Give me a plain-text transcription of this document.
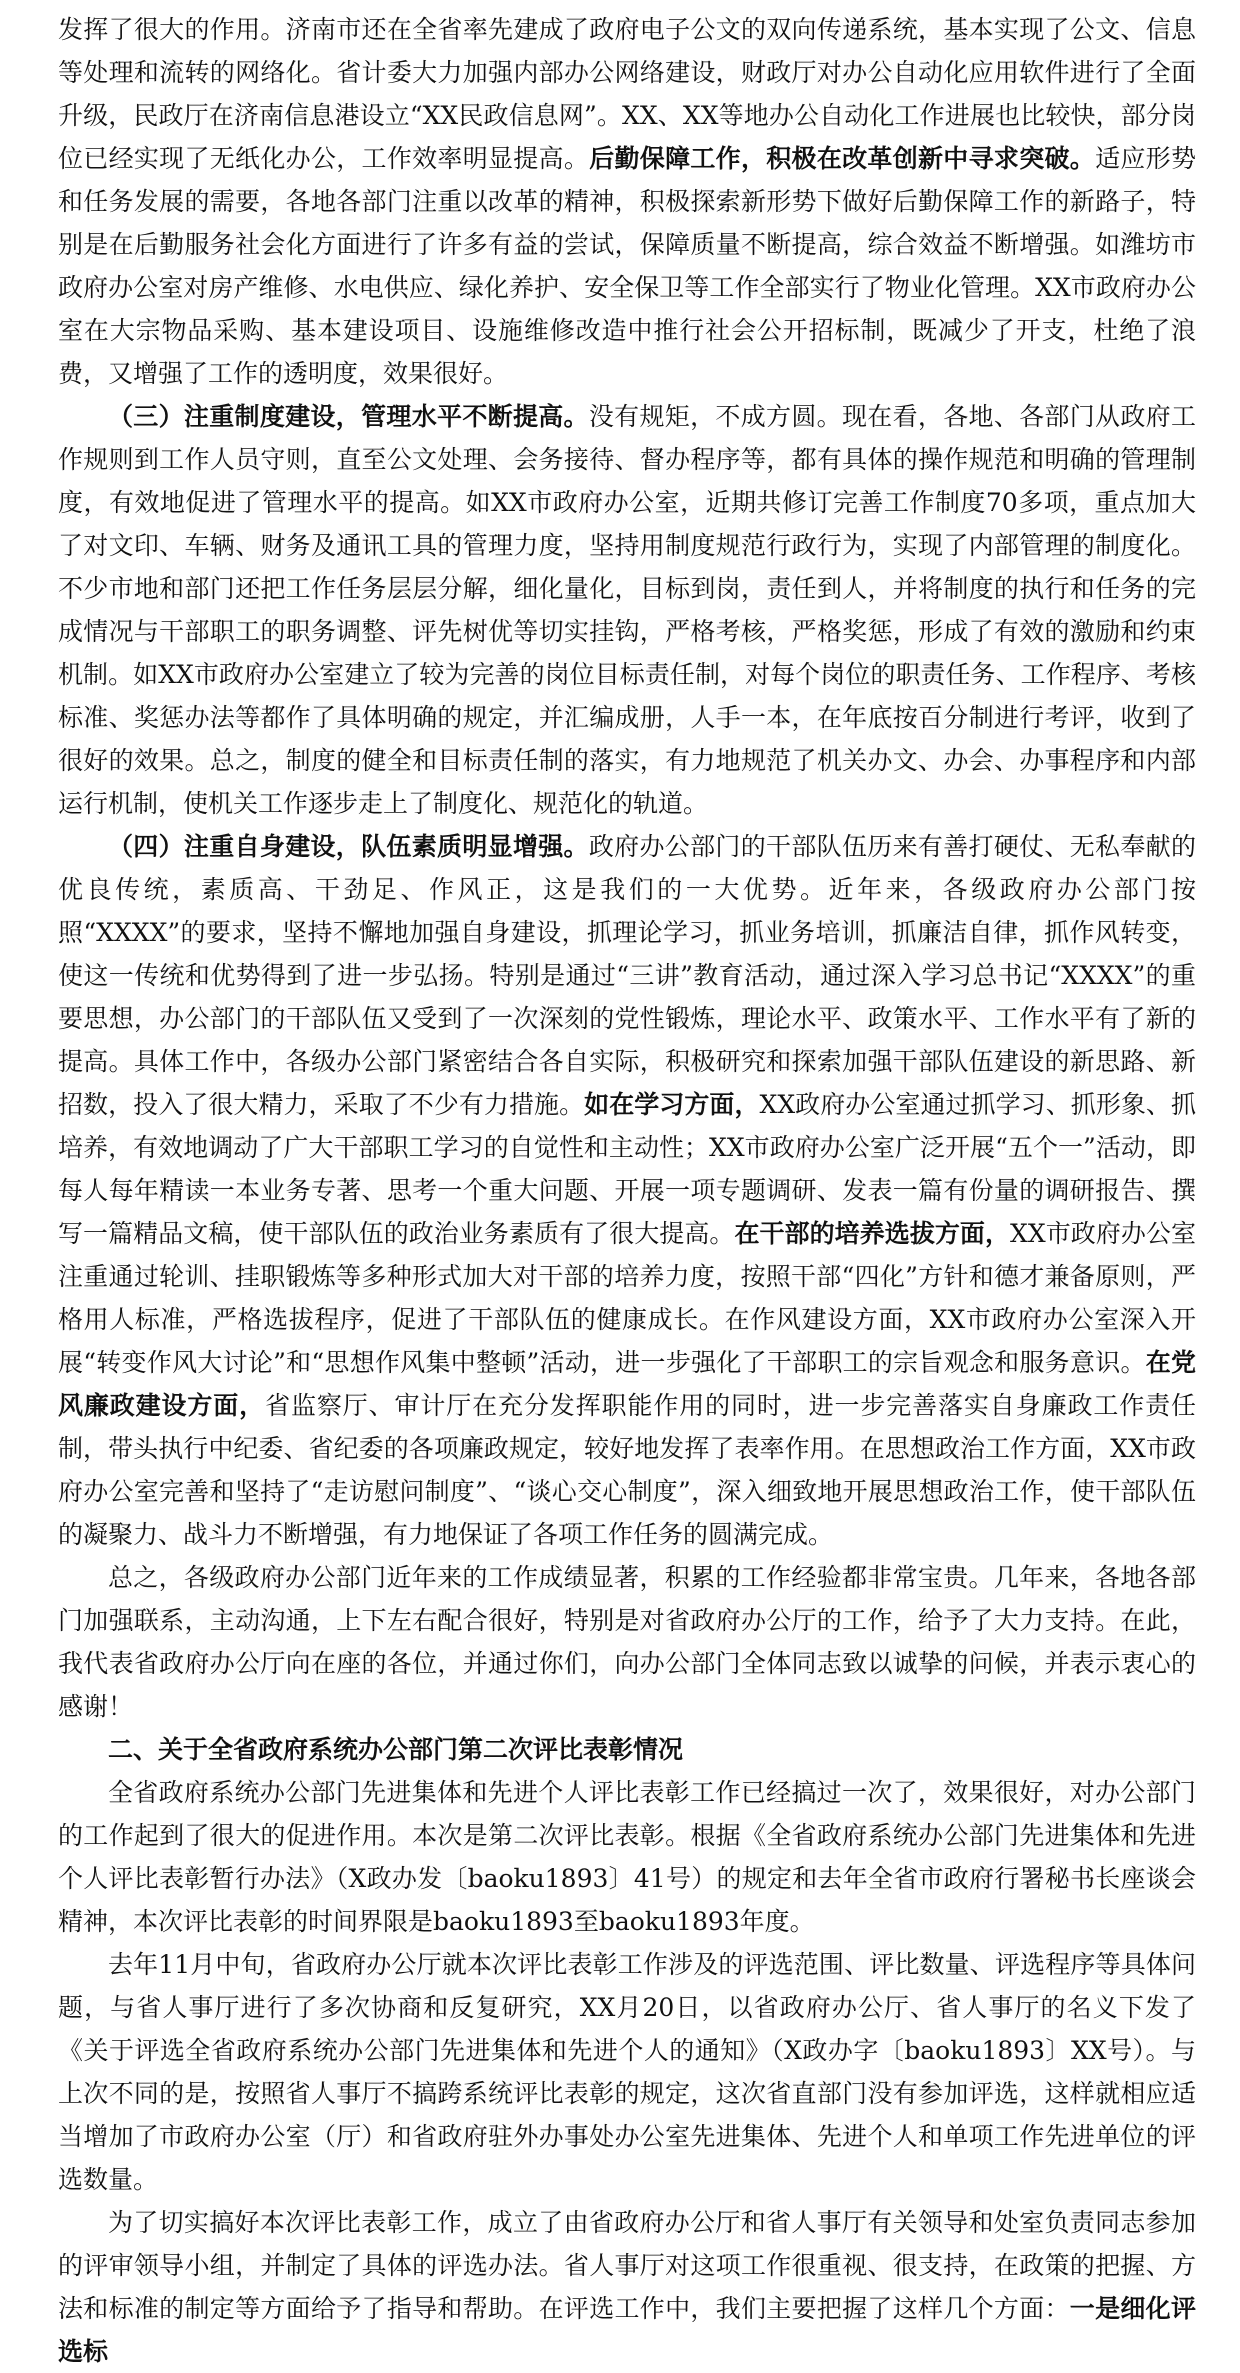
发挥了很大的作用。济南市还在全省率先建成了政府电子公文的双向传递系统，基本实现了公文、信息等处理和流转的网络化。省计委大力加强内部办公网络建设，财政厅对办公自动化应用软件进行了全面升级，民政厅在济南信息港设立“XX民政信息网”。XX、XX等地办公自动化工作进展也比较快，部分岗位已经实现了无纸化办公，工作效率明显提高。后勤保障工作，积极在改革创新中寻求突破。适应形势和任务发展的需要，各地各部门注重以改革的精神，积极探索新形势下做好后勤保障工作的新路子，特别是在后勤服务社会化方面进行了许多有益的尝试，保障质量不断提高，综合效益不断增强。如潍坊市政府办公室对房产维修、水电供应、绿化养护、安全保卫等工作全部实行了物业化管理。XX市政府办公室在大宗物品采购、基本建设项目、设施维修改造中推行社会公开招标制，既减少了开支，杜绝了浪费，又增强了工作的透明度，效果很好。

（三）注重制度建设，管理水平不断提高。没有规矩，不成方圆。现在看，各地、各部门从政府工作规则到工作人员守则，直至公文处理、会务接待、督办程序等，都有具体的操作规范和明确的管理制度，有效地促进了管理水平的提高。如XX市政府办公室，近期共修订完善工作制度70多项，重点加大了对文印、车辆、财务及通讯工具的管理力度，坚持用制度规范行政行为，实现了内部管理的制度化。不少市地和部门还把工作任务层层分解，细化量化，目标到岗，责任到人，并将制度的执行和任务的完成情况与干部职工的职务调整、评先树优等切实挂钩，严格考核，严格奖惩，形成了有效的激励和约束机制。如XX市政府办公室建立了较为完善的岗位目标责任制，对每个岗位的职责任务、工作程序、考核标准、奖惩办法等都作了具体明确的规定，并汇编成册，人手一本，在年底按百分制进行考评，收到了很好的效果。总之，制度的健全和目标责任制的落实，有力地规范了机关办文、办会、办事程序和内部运行机制，使机关工作逐步走上了制度化、规范化的轨道。

（四）注重自身建设，队伍素质明显增强。政府办公部门的干部队伍历来有善打硬仗、无私奉献的优良传统，素质高、干劲足、作风正，这是我们的一大优势。近年来，各级政府办公部门按照“XXXX”的要求，坚持不懈地加强自身建设，抓理论学习，抓业务培训，抓廉洁自律，抓作风转变，使这一传统和优势得到了进一步弘扬。特别是通过“三讲”教育活动，通过深入学习总书记“XXXX”的重要思想，办公部门的干部队伍又受到了一次深刻的党性锻炼，理论水平、政策水平、工作水平有了新的提高。具体工作中，各级办公部门紧密结合各自实际，积极研究和探索加强干部队伍建设的新思路、新招数，投入了很大精力，采取了不少有力措施。如在学习方面，XX政府办公室通过抓学习、抓形象、抓培养，有效地调动了广大干部职工学习的自觉性和主动性；XX市政府办公室广泛开展“五个一”活动，即每人每年精读一本业务专著、思考一个重大问题、开展一项专题调研、发表一篇有份量的调研报告、撰写一篇精品文稿，使干部队伍的政治业务素质有了很大提高。在干部的培养选拔方面，XX市政府办公室注重通过轮训、挂职锻炼等多种形式加大对干部的培养力度，按照干部“四化”方针和德才兼备原则，严格用人标准，严格选拔程序，促进了干部队伍的健康成长。在作风建设方面，XX市政府办公室深入开展“转变作风大讨论”和“思想作风集中整顿”活动，进一步强化了干部职工的宗旨观念和服务意识。在党风廉政建设方面，省监察厅、审计厅在充分发挥职能作用的同时，进一步完善落实自身廉政工作责任制，带头执行中纪委、省纪委的各项廉政规定，较好地发挥了表率作用。在思想政治工作方面，XX市政府办公室完善和坚持了“走访慰问制度”、“谈心交心制度”，深入细致地开展思想政治工作，使干部队伍的凝聚力、战斗力不断增强，有力地保证了各项工作任务的圆满完成。

总之，各级政府办公部门近年来的工作成绩显著，积累的工作经验都非常宝贵。几年来，各地各部门加强联系，主动沟通，上下左右配合很好，特别是对省政府办公厅的工作，给予了大力支持。在此，我代表省政府办公厅向在座的各位，并通过你们，向办公部门全体同志致以诚挚的问候，并表示衷心的感谢！

二、关于全省政府系统办公部门第二次评比表彰情况

全省政府系统办公部门先进集体和先进个人评比表彰工作已经搞过一次了，效果很好，对办公部门的工作起到了很大的促进作用。本次是第二次评比表彰。根据《全省政府系统办公部门先进集体和先进个人评比表彰暂行办法》（X政办发〔baoku1893〕41号）的规定和去年全省市政府行署秘书长座谈会精神，本次评比表彰的时间界限是baoku1893至baoku1893年度。

去年11月中旬，省政府办公厅就本次评比表彰工作涉及的评选范围、评比数量、评选程序等具体问题，与省人事厅进行了多次协商和反复研究，XX月20日，以省政府办公厅、省人事厅的名义下发了《关于评选全省政府系统办公部门先进集体和先进个人的通知》（X政办字〔baoku1893〕XX号）。与上次不同的是，按照省人事厅不搞跨系统评比表彰的规定，这次省直部门没有参加评选，这样就相应适当增加了市政府办公室（厅）和省政府驻外办事处办公室先进集体、先进个人和单项工作先进单位的评选数量。

为了切实搞好本次评比表彰工作，成立了由省政府办公厅和省人事厅有关领导和处室负责同志参加的评审领导小组，并制定了具体的评选办法。省人事厅对这项工作很重视、很支持，在政策的把握、方法和标准的制定等方面给予了指导和帮助。在评选工作中，我们主要把握了这样几个方面：一是细化评选标
